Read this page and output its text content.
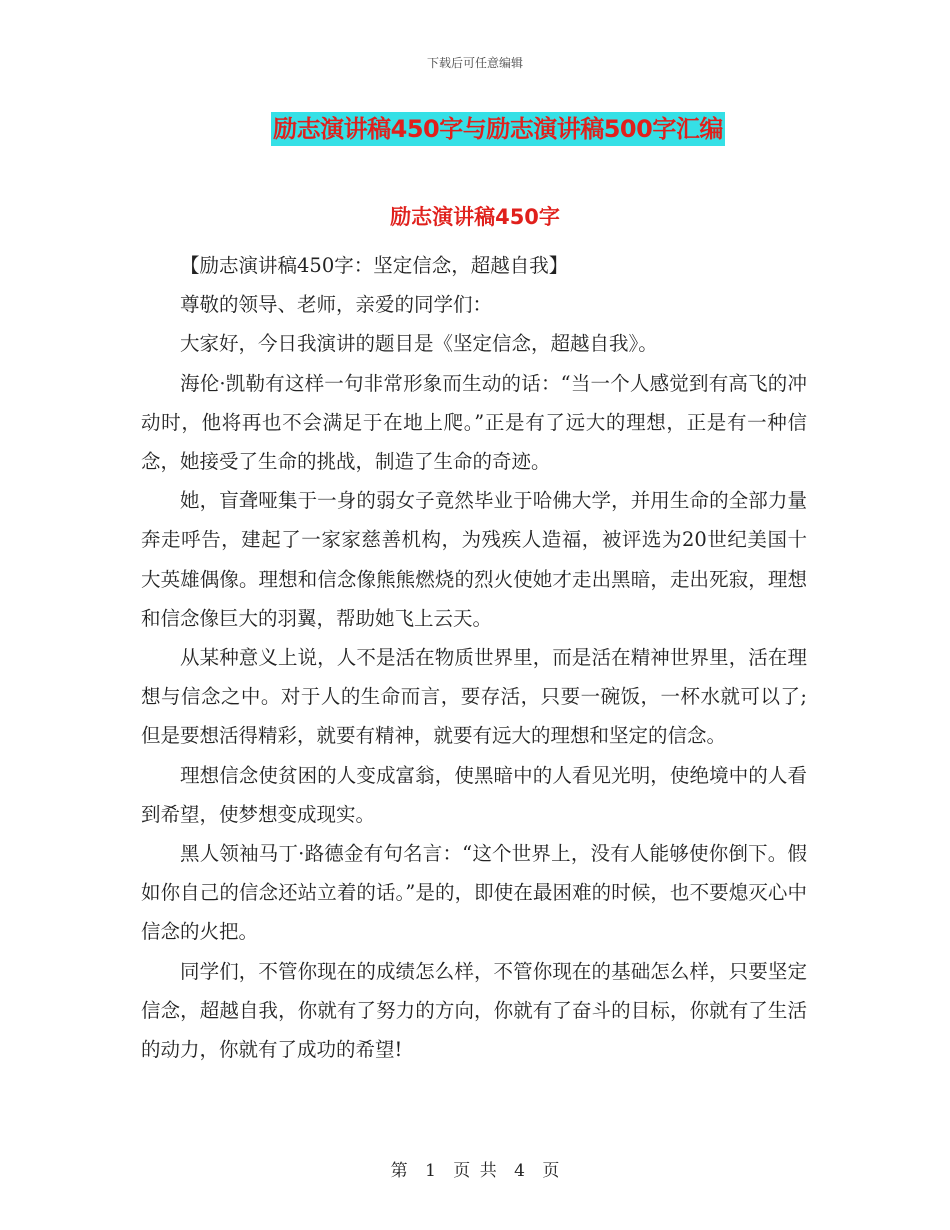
下载后可任意编辑
励志演讲稿450字与励志演讲稿500字汇编
励志演讲稿450字

【励志演讲稿450字：坚定信念，超越自我】

尊敬的领导、老师，亲爱的同学们：

大家好，今日我演讲的题目是《坚定信念，超越自我》。

海伦·凯勒有这样一句非常形象而生动的话：“当一个人感觉到有高飞的冲动时，他将再也不会满足于在地上爬。”正是有了远大的理想，正是有一种信念，她接受了生命的挑战，制造了生命的奇迹。

她，盲聋哑集于一身的弱女子竟然毕业于哈佛大学，并用生命的全部力量奔走呼告，建起了一家家慈善机构，为残疾人造福，被评选为20世纪美国十大英雄偶像。理想和信念像熊熊燃烧的烈火使她才走出黑暗，走出死寂，理想和信念像巨大的羽翼，帮助她飞上云天。

从某种意义上说，人不是活在物质世界里，而是活在精神世界里，活在理想与信念之中。对于人的生命而言，要存活，只要一碗饭，一杯水就可以了;但是要想活得精彩，就要有精神，就要有远大的理想和坚定的信念。

理想信念使贫困的人变成富翁，使黑暗中的人看见光明，使绝境中的人看到希望，使梦想变成现实。

黑人领袖马丁·路德金有句名言：“这个世界上，没有人能够使你倒下。假如你自己的信念还站立着的话。”是的，即使在最困难的时候，也不要熄灭心中信念的火把。

同学们，不管你现在的成绩怎么样，不管你现在的基础怎么样，只要坚定信念，超越自我，你就有了努力的方向，你就有了奋斗的目标，你就有了生活的动力，你就有了成功的希望!

第 1 页 共 4 页
